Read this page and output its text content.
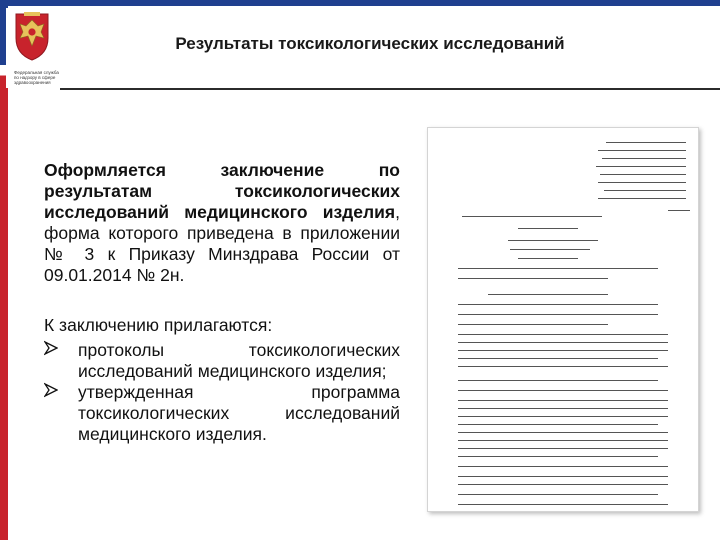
Федеральная служба по надзору в сфере здравоохранения
Результаты токсикологических исследований

Оформляется заключение по результатам токсикологических исследований медицинского изделия, форма которого приведена в приложении № 3 к Приказу Минздрава России от 09.01.2014 № 2н.

К заключению прилагаются:

протоколы токсикологических исследований медицинского изделия;
утвержденная программа токсикологических исследований медицинского изделия.
